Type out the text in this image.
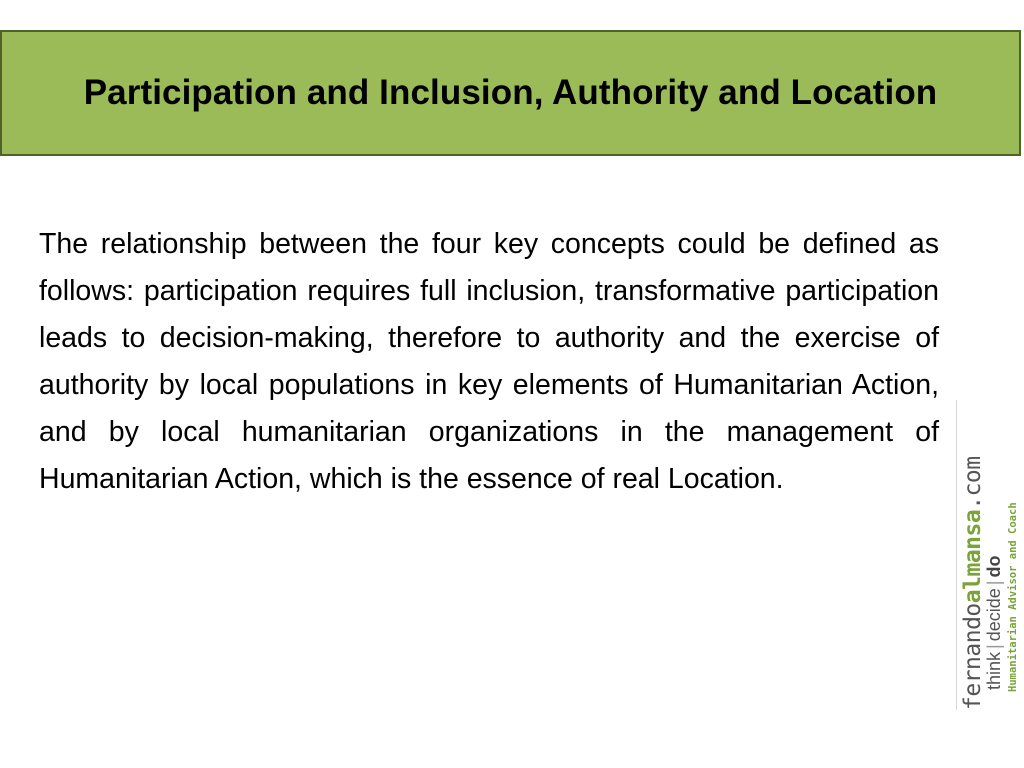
Participation and Inclusion, Authority and Location

The relationship between the four key concepts could be defined as follows: participation requires full inclusion, transformative participation leads to decision-making, therefore to authority and the exercise of authority by local populations in key elements of Humanitarian Action, and by local humanitarian organizations in the management of Humanitarian Action, which is the essence of real Location.

fernandoalmansa.com
think|decide|do Humanitarian Advisor and Coach
